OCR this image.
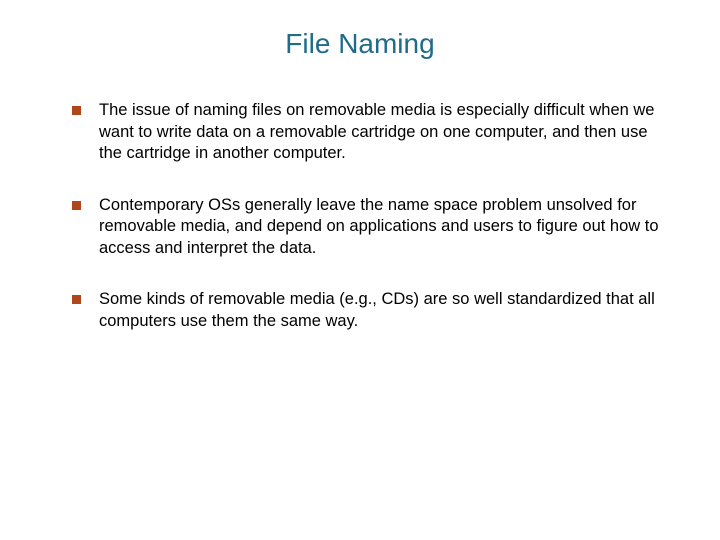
File Naming
The issue of naming files on removable media is especially difficult when we want to write data on a removable cartridge on one computer, and then use the cartridge in another computer.
Contemporary OSs generally leave the name space problem unsolved for removable media, and depend on applications and users to figure out how to access and interpret the data.
Some kinds of removable media (e.g., CDs) are so well standardized that all computers use them the same way.
